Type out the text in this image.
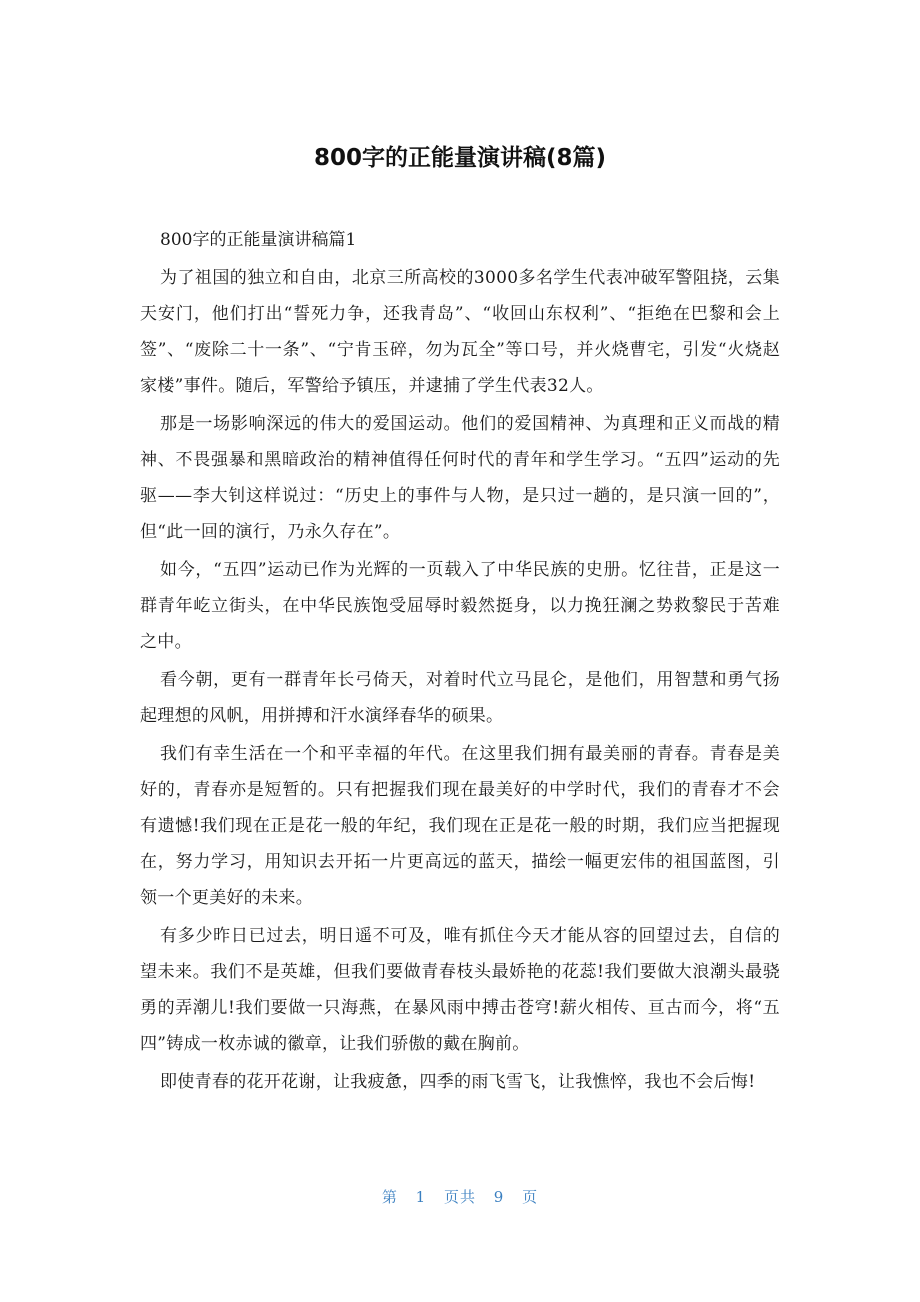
800字的正能量演讲稿(8篇)

800字的正能量演讲稿篇1

为了祖国的独立和自由，北京三所高校的3000多名学生代表冲破军警阻挠，云集天安门，他们打出“誓死力争，还我青岛”、“收回山东权利”、“拒绝在巴黎和会上签”、“废除二十一条”、“宁肯玉碎，勿为瓦全”等口号，并火烧曹宅，引发“火烧赵家楼”事件。随后，军警给予镇压，并逮捕了学生代表32人。

那是一场影响深远的伟大的爱国运动。他们的爱国精神、为真理和正义而战的精神、不畏强暴和黑暗政治的精神值得任何时代的青年和学生学习。“五四”运动的先驱——李大钊这样说过：“历史上的事件与人物，是只过一趟的，是只演一回的”，但“此一回的演行，乃永久存在”。

如今，“五四”运动已作为光辉的一页载入了中华民族的史册。忆往昔，正是这一群青年屹立街头，在中华民族饱受屈辱时毅然挺身，以力挽狂澜之势救黎民于苦难之中。

看今朝，更有一群青年长弓倚天，对着时代立马昆仑，是他们，用智慧和勇气扬起理想的风帆，用拼搏和汗水演绎春华的硕果。

我们有幸生活在一个和平幸福的年代。在这里我们拥有最美丽的青春。青春是美好的，青春亦是短暂的。只有把握我们现在最美好的中学时代，我们的青春才不会有遗憾!我们现在正是花一般的年纪，我们现在正是花一般的时期，我们应当把握现在，努力学习，用知识去开拓一片更高远的蓝天，描绘一幅更宏伟的祖国蓝图，引领一个更美好的未来。

有多少昨日已过去，明日遥不可及，唯有抓住今天才能从容的回望过去，自信的望未来。我们不是英雄，但我们要做青春枝头最娇艳的花蕊!我们要做大浪潮头最骁勇的弄潮儿!我们要做一只海燕，在暴风雨中搏击苍穹!薪火相传、亘古而今，将“五四”铸成一枚赤诚的徽章，让我们骄傲的戴在胸前。

即使青春的花开花谢，让我疲惫，四季的雨飞雪飞，让我憔悴，我也不会后悔!

第 1 页共 9 页
